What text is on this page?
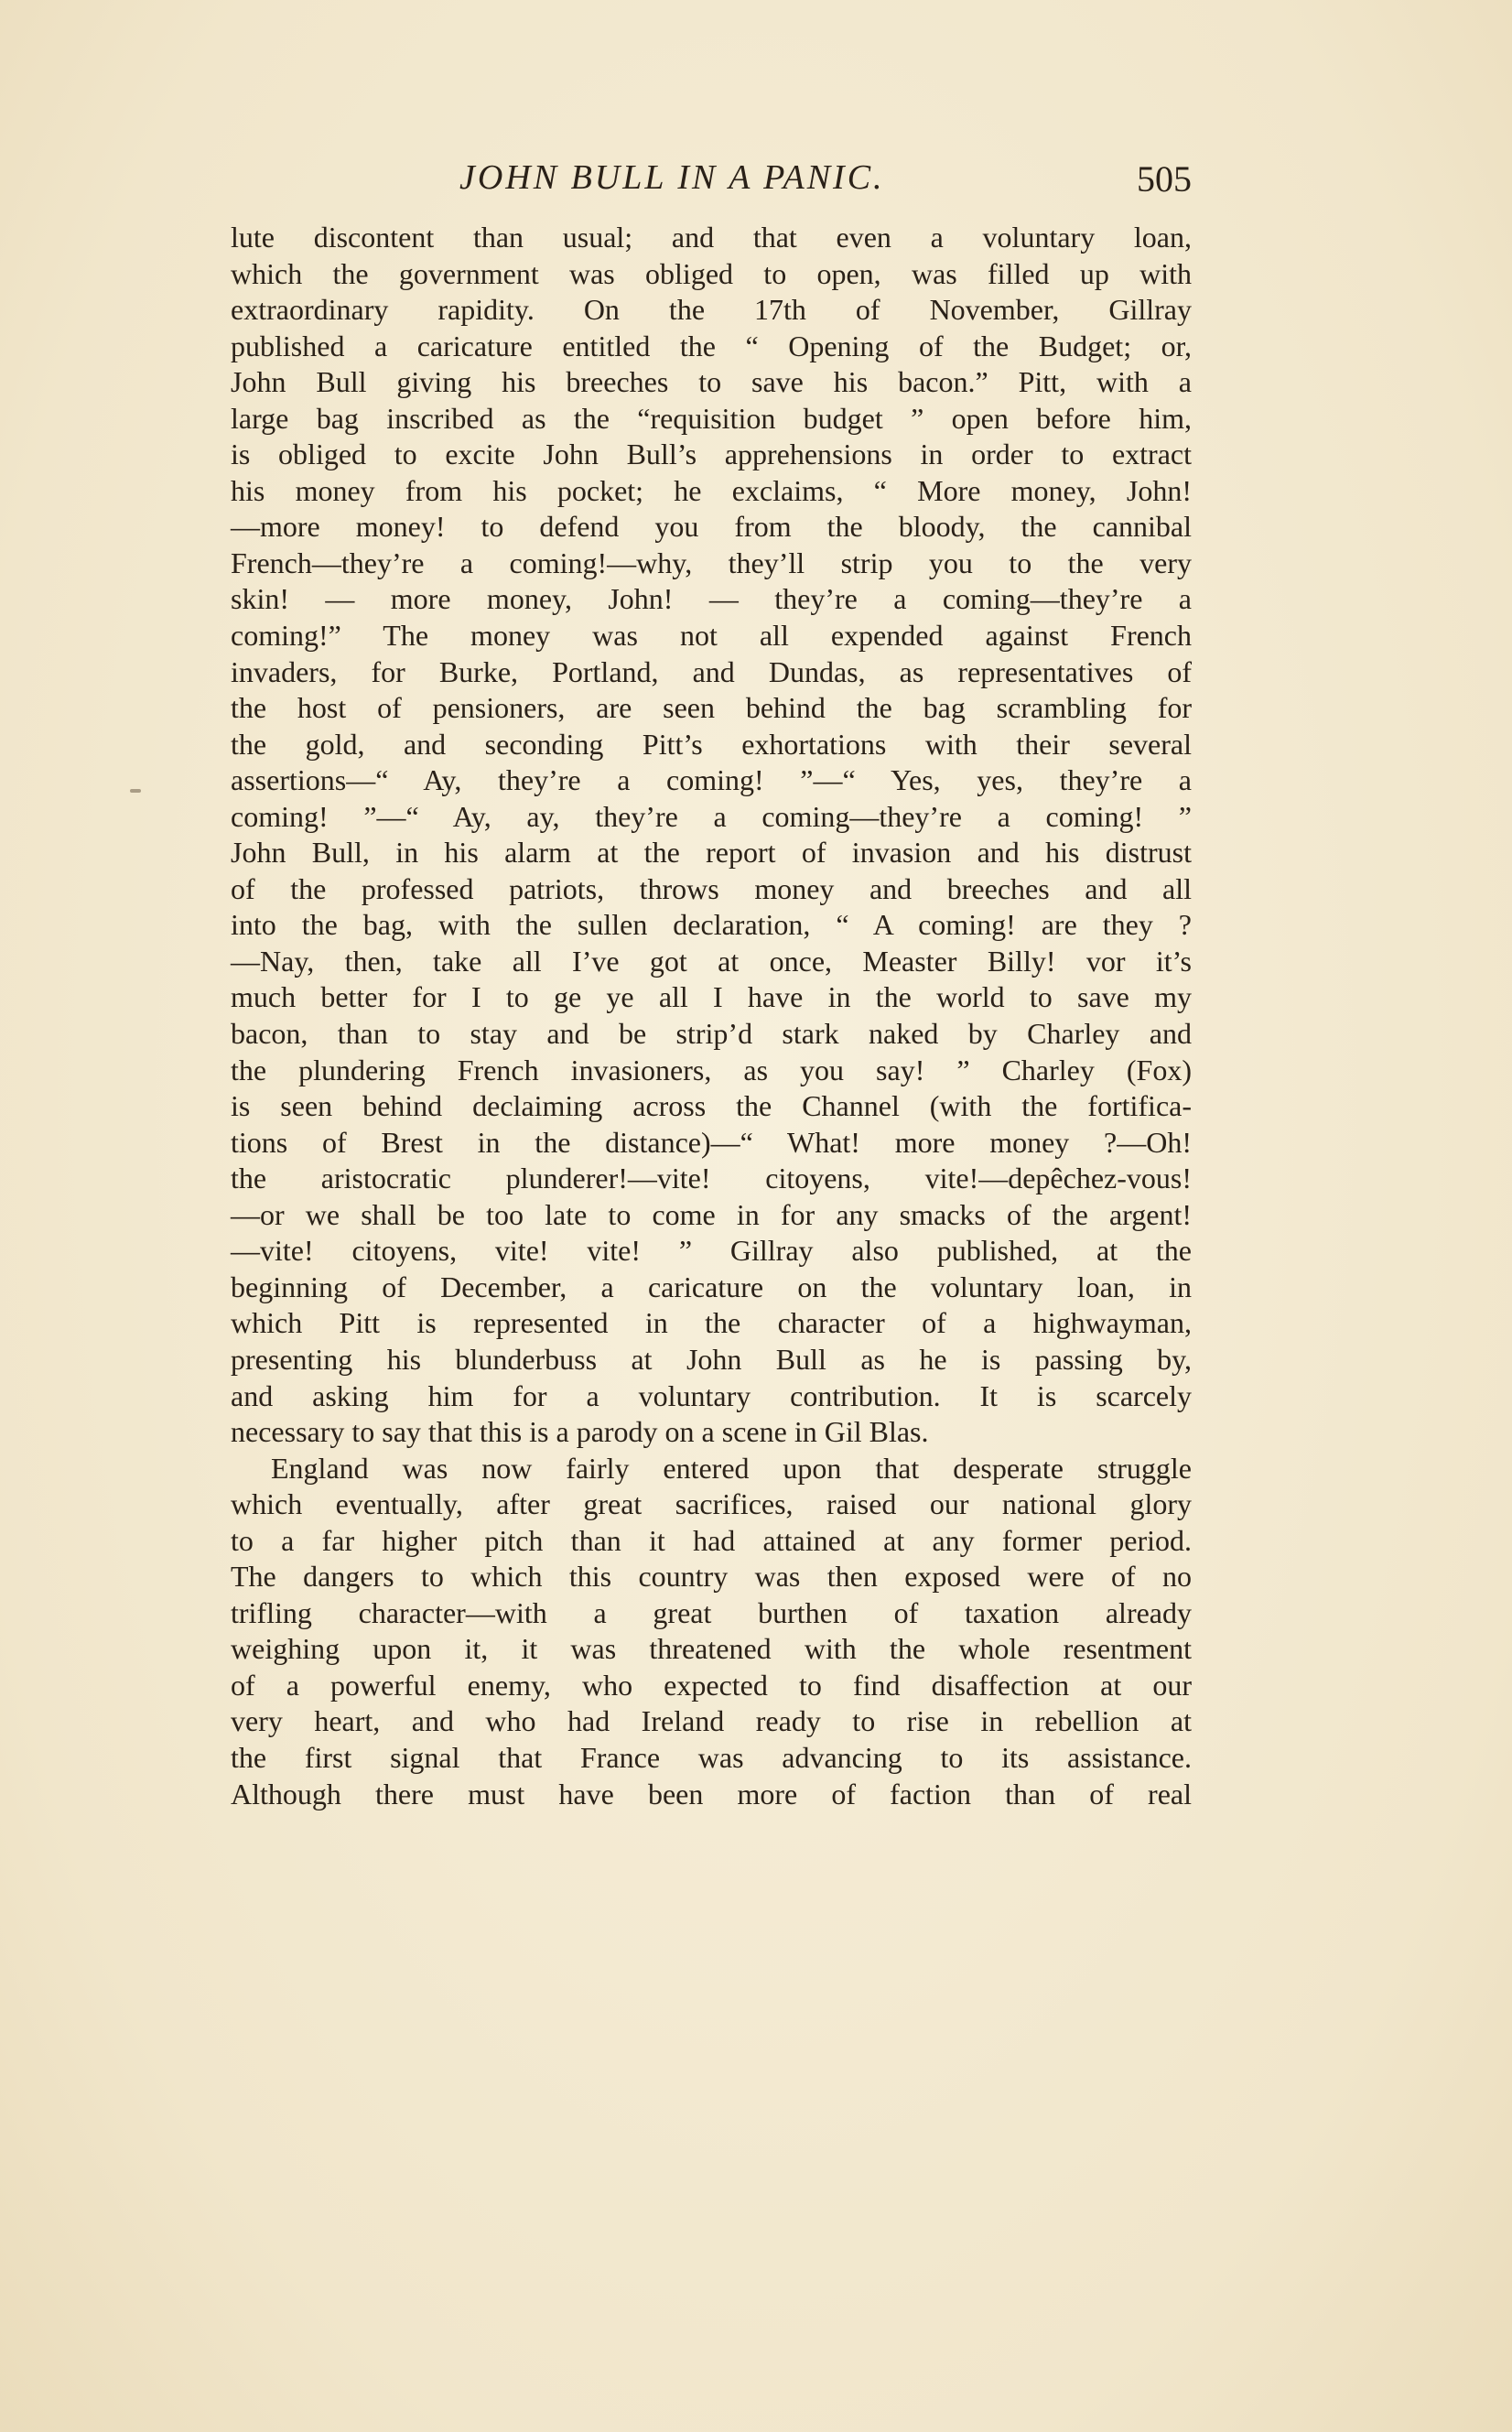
JOHN BULL IN A PANIC.	505
lute discontent than usual; and that even a voluntary loan,
which the government was obliged to open, was filled up with
extraordinary rapidity. On the 17th of November, Gillray
published a caricature entitled the “ Opening of the Budget; or,
John Bull giving his breeches to save his bacon.” Pitt, with a
large bag inscribed as the “requisition budget ” open before him,
is obliged to excite John Bull’s apprehensions in order to extract
his money from his pocket; he exclaims, “ More money, John!
—more money! to defend you from the bloody, the cannibal
French—they’re a coming!—why, they’ll strip you to the very
skin! — more money, John! — they’re a coming—they’re a
coming!” The money was not all expended against French
invaders, for Burke, Portland, and Dundas, as representatives of
the host of pensioners, are seen behind the bag scrambling for
the gold, and seconding Pitt’s exhortations with their several
assertions—“ Ay, they’re a coming! ”—“ Yes, yes, they’re a
coming! ”—“ Ay, ay, they’re a coming—they’re a coming! ”
John Bull, in his alarm at the report of invasion and his distrust
of the professed patriots, throws money and breeches and all
into the bag, with the sullen declaration, “ A coming! are they ?
—Nay, then, take all I’ve got at once, Measter Billy! vor it’s
much better for I to ge ye all I have in the world to save my
bacon, than to stay and be strip’d stark naked by Charley and
the plundering French invasioners, as you say! ” Charley (Fox)
is seen behind declaiming across the Channel (with the fortifica-
tions of Brest in the distance)—“ What! more money ?—Oh!
the aristocratic plunderer!—vite! citoyens, vite!—depêchez-vous!
—or we shall be too late to come in for any smacks of the argent!
—vite! citoyens, vite! vite! ” Gillray also published, at the
beginning of December, a caricature on the voluntary loan, in
which Pitt is represented in the character of a highwayman,
presenting his blunderbuss at John Bull as he is passing by,
and asking him for a voluntary contribution. It is scarcely
necessary to say that this is a parody on a scene in Gil Blas.
England was now fairly entered upon that desperate struggle
which eventually, after great sacrifices, raised our national glory
to a far higher pitch than it had attained at any former period.
The dangers to which this country was then exposed were of no
trifling character—with a great burthen of taxation already
weighing upon it, it was threatened with the whole resentment
of a powerful enemy, who expected to find disaffection at our
very heart, and who had Ireland ready to rise in rebellion at
the first signal that France was advancing to its assistance.
Although there must have been more of faction than of real
